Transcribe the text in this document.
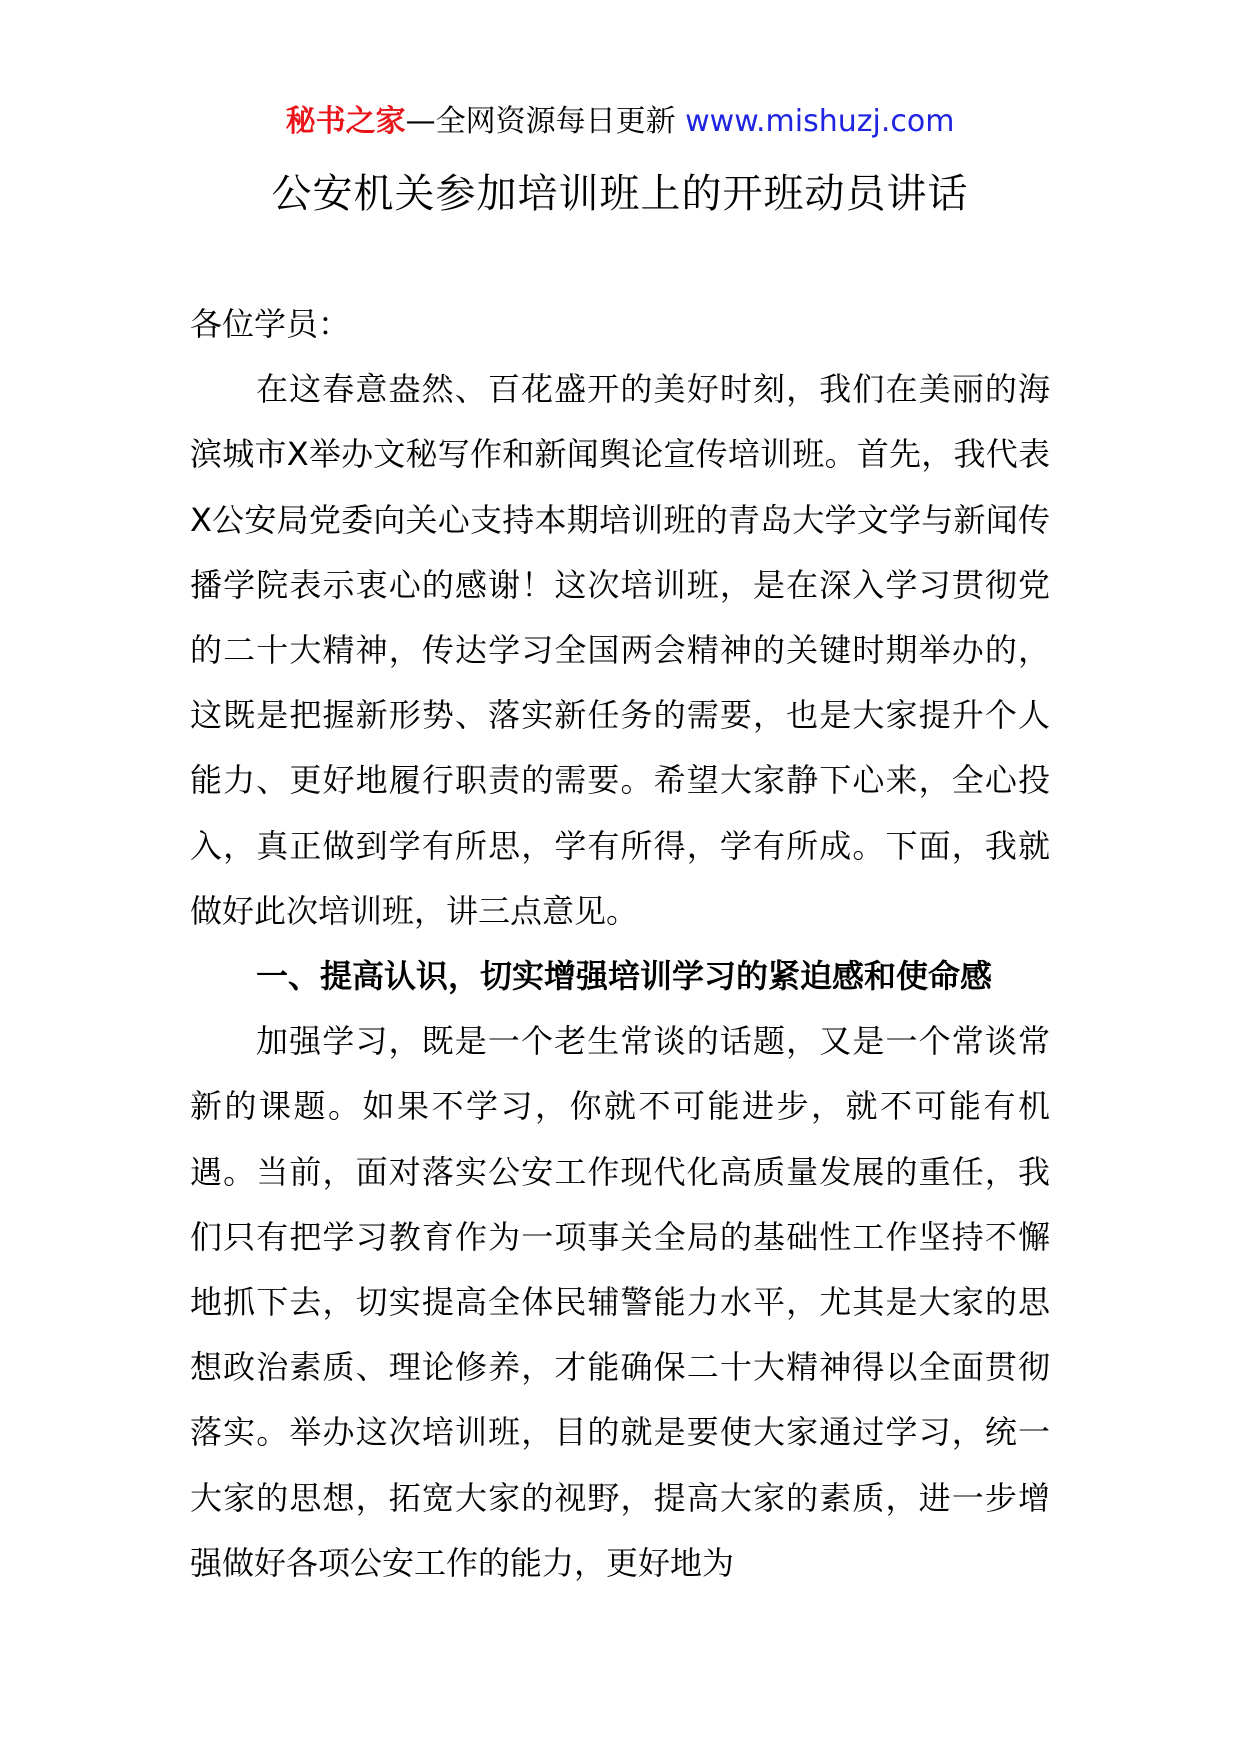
秘书之家—全网资源每日更新 www.mishuzj.com
公安机关参加培训班上的开班动员讲话

各位学员：

在这春意盎然、百花盛开的美好时刻，我们在美丽的海滨城市X举办文秘写作和新闻舆论宣传培训班。首先，我代表X公安局党委向关心支持本期培训班的青岛大学文学与新闻传播学院表示衷心的感谢！这次培训班，是在深入学习贯彻党的二十大精神，传达学习全国两会精神的关键时期举办的，这既是把握新形势、落实新任务的需要，也是大家提升个人能力、更好地履行职责的需要。希望大家静下心来，全心投入，真正做到学有所思，学有所得，学有所成。下面，我就做好此次培训班，讲三点意见。

一、提高认识，切实增强培训学习的紧迫感和使命感

加强学习，既是一个老生常谈的话题，又是一个常谈常新的课题。如果不学习，你就不可能进步，就不可能有机遇。当前，面对落实公安工作现代化高质量发展的重任，我们只有把学习教育作为一项事关全局的基础性工作坚持不懈地抓下去，切实提高全体民辅警能力水平，尤其是大家的思想政治素质、理论修养，才能确保二十大精神得以全面贯彻落实。举办这次培训班，目的就是要使大家通过学习，统一大家的思想，拓宽大家的视野，提高大家的素质，进一步增强做好各项公安工作的能力，更好地为
